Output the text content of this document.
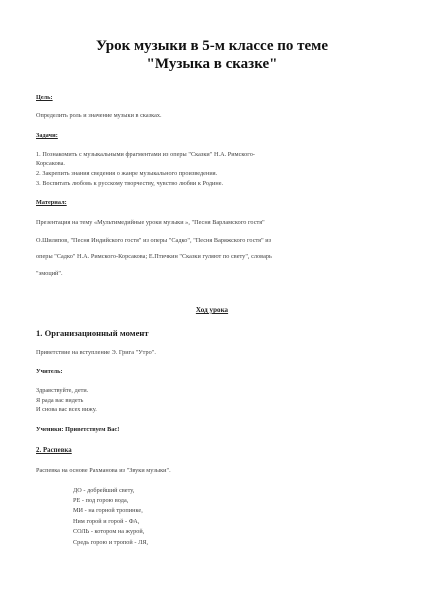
Урок музыки в 5-м классе по теме
"Музыка в сказке"
Цель:
Определить роль и значение музыки в сказках.
Задачи:
1. Познакомить с музыкальными фрагментами из оперы "Сказки" Н.А. Римского-
Корсакова.
2. Закрепить знания сведения о жанре музыкального произведения.
3. Воспитать любовь к русскому творчеству, чувство любви к Родине.
Материал:
Презентация на тему «Мультимедийные уроки музыки », "Песня Варламского гостя"
О.Шиляпов, "Песня Индийского гостя" из оперы "Садко", "Песня Варяжского гостя" из
оперы "Садко" Н.А. Римского-Корсакова; Е.Птичкин "Сказки гуляют по свету", словарь
"эмоций".
Ход урока
1. Организационный момент
Приветствие на вступление Э. Грига "Утро".
Учитель:
Здравствуйте, дети.
Я рада вас видеть
И снова вас всех вижу.
Ученики: Приветствуем Вас!
2. Распевка
Распевка на основе Рахманова из "Звуки музыки".
ДО - добрейший свету,
РЕ - под горою вода,
МИ - на горной тропинке,
Ним горой и горой - ФА,
СОЛЬ - котором на журой,
Средь горою и тропой - ЛЯ,
